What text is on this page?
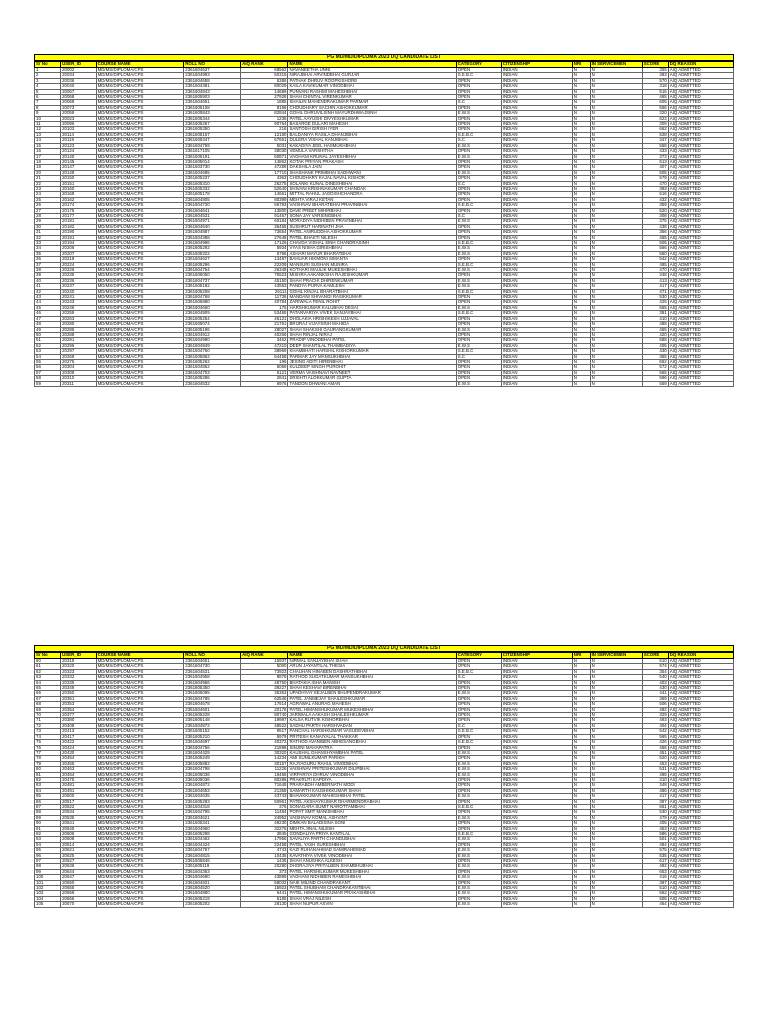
PG MD/MD/DIPLOMA 2023 DQ CANDIDATE LIST
Sr No	USER_ID	COURSE NAME	ROLL NO	AIQ RANK	NAME	CATEGORY	CITIZENSHIP	NRI	IN SERVICEMEN	SCORE	DQ REASON
1	20002	MD/MS/DIPLOMA/CPS	2361604637	68562	NAVANEETHA UNNI	OPEN	INDIAN	N	N	355	AIQ ADMITTED
2	20034	MD/MS/DIPLOMA/CPS	2361604993	50315	NIRAJBHAI ARVINDBHAI GURJAR	S.E.B.C	INDIAN	N	N	383	AIQ ADMITTED
3	20036	MD/MS/DIPLOMA/CPS	2361604658	5386	PATHAK DHRUV ROOPKISHORE	OPEN	INDIAN	N	N	570	AIQ ADMITTED
4	20040	MD/MS/DIPLOMA/CPS	2361604381	80029	KAILA KAVIKUMAR VINODBHAI	OPEN	INDIAN	N	N	318	AIQ ADMITTED
5	20067	MD/MS/DIPLOMA/CPS	2361604943	14689	PUNVANI RASHMI MAHESHBHAI	OPEN	INDIAN	N	N	516	AIQ ADMITTED
6	20068	MD/MS/DIPLOMA/CPS	2361605903	27928	SHAH CHINTAL VIRENKUMAR	OPEN	INDIAN	N	N	465	AIQ ADMITTED
7	20069	MD/MS/DIPLOMA/CPS	2361604651	1885	SHAILIN MAHENDRAKUMAR PARMAR	S.C	INDIAN	N	N	605	AIQ ADMITTED
8	20073	MD/MS/DIPLOMA/CPS	2361605108	8196	CHOUDHARY SACHIN ASHOKKUMAR	OPEN	INDIAN	N	N	556	AIQ ADMITTED
9	20059	MD/MS/DIPLOMA/CPS	2361605843	82844	GOHIL DHRUVILSINH MAYURDHWAJSINH	E.W.S	INDIAN	N	N	320	AIQ ADMITTED
10	20023	MD/MS/DIPLOMA/CPS	2361605344	1236	PATEL AAYUSHI DIVYESHKUMAR	OPEN	INDIAN	N	N	623	AIQ ADMITTED
11	20096	MD/MS/DIPLOMA/CPS	2361605267	90764	BASARGE DULARI MAHESH	OPEN	INDIAN	N	N	309	AIQ ADMITTED
12	20103	MD/MS/DIPLOMA/CPS	2361605350	216	SANTOSH GIRISH IYER	OPEN	INDIAN	N	N	662	AIQ ADMITTED
13	20114	MD/MS/DIPLOMA/CPS	2361605167	12180	BALDANIYA RASILA DHANJIBHAI	S.E.B.C	INDIAN	N	N	528	AIQ ADMITTED
14	20119	MD/MS/DIPLOMA/CPS	2361605347	67661	DULERA VISHAL KANJIBHAI	S.C	INDIAN	N	N	347	AIQ ADMITTED
15	20123	MD/MS/DIPLOMA/CPS	2361604769	5031	KAKADIYA JEEL HASMUKHBHAI	E.W.S	INDIAN	N	N	568	AIQ ADMITTED
16	20124	MD/MS/DIPLOMA/CPS	2361617105	38030	VEMULA VARSHITHA	OPEN	INDIAN	N	N	433	AIQ ADMITTED
17	20140	MD/MS/DIPLOMA/CPS	2361605191	60871	VAGHANI KRUNAL JAYESHBHAI	E.W.S	INDIAN	N	N	373	AIQ ADMITTED
18	20145	MD/MS/DIPLOMA/CPS	2361605014	14862	KOTAK PRIYAN PRAKASH	OPEN	INDIAN	N	N	513	AIQ ADMITTED
19	20147	MD/MS/DIPLOMA/CPS	2361603730	47289	DAKSHILA JAIN	OPEN	INDIAN	N	N	407	AIQ ADMITTED
20	20148	MD/MS/DIPLOMA/CPS	2361604685	17710	SHASHANK PRIMBHAI SADHWANI	E.W.S	INDIAN	N	N	505	AIQ ADMITTED
21	20150	MD/MS/DIPLOMA/CPS	2361605237	4363	CHOUDHARY KAJAL NAVAL KISHOR	OPEN	INDIAN	N	N	579	AIQ ADMITTED
22	20151	MD/MS/DIPLOMA/CPS	2361605310	26275	SOLANKI KUNAL DINESHBHAI	S.C	INDIAN	N	N	470	AIQ ADMITTED
23	20160	MD/MS/DIPLOMA/CPS	2361605332	52640	SHIVANI KRISHNAKUMAR CHANDAK	OPEN	INDIAN	N	N	393	AIQ ADMITTED
24	20169	MD/MS/DIPLOMA/CPS	2361605178	14661	MITTAL RAHUL JAGDISHCHANDRA	OPEN	INDIAN	N	N	516	AIQ ADMITTED
25	20162	MD/MS/DIPLOMA/CPS	2361604805	80399	MEHTA VIRAJ KETAN	OPEN	INDIAN	N	N	432	AIQ ADMITTED
26	20174	MD/MS/DIPLOMA/CPS	2361604730	66793	VAISHNAV BHARATBHAI PRAVINBHAI	S.E.B.C	INDIAN	N	N	359	AIQ ADMITTED
27	20175	MD/MS/DIPLOMA/CPS	2361604641	13800	DAVE PREET MIHIRBHAI	OPEN	INDIAN	N	N	520	AIQ ADMITTED
28	20177	MD/MS/DIPLOMA/CPS	2361604531	91467	SONA JAY VARSINGBHAI	S.C	INDIAN	N	N	308	AIQ ADMITTED
29	20181	MD/MS/DIPLOMA/CPS	2361604971	60184	MORADIYA NIDHIBEN PRAVINBHAI	E.W.S	INDIAN	N	N	375	AIQ ADMITTED
30	20182	MD/MS/DIPLOMA/CPS	2361604640	36455	SUSHRUT HARINATH JHA	OPEN	INDIAN	N	N	438	AIQ ADMITTED
31	20190	MD/MS/DIPLOMA/CPS	2361604887	73654	PATEL ANIRUDDHA ASHOKKUMAR	OPEN	INDIAN	N	N	356	AIQ ADMITTED
32	20191	MD/MS/DIPLOMA/CPS	2361604388	27648	PATEL BHAKTI NILESH	OPEN	INDIAN	N	N	465	AIQ ADMITTED
33	20194	MD/MS/DIPLOMA/CPS	2361604996	17126	CHAVDA VISHAL SINH CHANDRASINH	S.E.B.C	INDIAN	N	N	505	AIQ ADMITTED
34	20206	MD/MS/DIPLOMA/CPS	2361605292	5934	VYAS NISHA GIRISHBHAI	E.W.S	INDIAN	N	N	566	AIQ ADMITTED
35	20207	MD/MS/DIPLOMA/CPS	2361605322	6796	ASHARI MAYUR BHARATBHAI	E.W.S	INDIAN	N	N	560	AIQ ADMITTED
36	20218	MD/MS/DIPLOMA/CPS	2361604627	13487	BAHUAR HIKMONI SIMANTA	OPEN	INDIAN	N	N	542	AIQ ADMITTED
37	20224	MD/MS/DIPLOMA/CPS	2361605296	22209	MANSURI SUSHAN MUNIRA	S.E.B.C	INDIAN	N	N	485	AIQ ADMITTED
38	20226	MD/MS/DIPLOMA/CPS	2361604754	26348	KOTHARI MAULIK MUKESHBHAI	E.W.S	INDIAN	N	N	470	AIQ ADMITTED
39	20235	MD/MS/DIPLOMA/CPS	2361605050	75523	MISHRA AAKANKSHA RAJESHKUMAR	OPEN	INDIAN	N	N	348	AIQ ADMITTED
40	20236	MD/MS/DIPLOMA/CPS	2361604737	45150	SHAH PRACHI DHIRENKUMAR	E.W.S	INDIAN	N	N	413	AIQ ADMITTED
41	20237	MD/MS/DIPLOMA/CPS	2361605182	43553	PANDYA PURVA KAMLESH	E.W.S	INDIAN	N	N	417	AIQ ADMITTED
42	20240	MD/MS/DIPLOMA/CPS	2361605208	26111	GOHIL KINJAL BHARATBHAI	S.E.B.C	INDIAN	N	N	471	AIQ ADMITTED
43	20241	MD/MS/DIPLOMA/CPS	2361604768	11736	MANDANI SHIVANGI RASIKKUMAR	OPEN	INDIAN	N	N	530	AIQ ADMITTED
44	20243	MD/MS/DIPLOMA/CPS	2361605880	40784	ZARIWALA FENIL ROHIT	OPEN	INDIAN	N	N	425	AIQ ADMITTED
45	20246	MD/MS/DIPLOMA/CPS	2361604660	175	HARSHKUMAR KALUBHAI DESAI	E.W.S	INDIAN	N	N	665	AIQ ADMITTED
46	20259	MD/MS/DIPLOMA/CPS	2361604909	53465	PATANVARIYA VIVEK SANJAYBHAI	S.E.B.C	INDIAN	N	N	391	AIQ ADMITTED
47	20263	MD/MS/DIPLOMA/CPS	2361605254	46121	DHOLAKIA HRISHIKESH UJJAVAL	OPEN	INDIAN	N	N	410	AIQ ADMITTED
48	20280	MD/MS/DIPLOMA/CPS	2361605074	21761	BRIJRAJ VIJAYSINH MAHIDA	OPEN	INDIAN	N	N	488	AIQ ADMITTED
49	20285	MD/MS/DIPLOMA/CPS	2361605196	28027	SHAH SHAKSHI GAURANGKUMAR	E.W.S	INDIAN	N	N	465	AIQ ADMITTED
50	20288	MD/MS/DIPLOMA/CPS	2361604912	40266	SHAH RINJAL NIRAJ	OPEN	INDIAN	N	N	420	AIQ ADMITTED
51	20291	MD/MS/DIPLOMA/CPS	2361604990	3462	PRADIP VINODBHAI PATEL	OPEN	INDIAN	N	N	588	AIQ ADMITTED
52	20296	MD/MS/DIPLOMA/CPS	2361604949	47210	DEEP SHANTILAL THAMBADIYA	E.W.S	INDIAN	N	N	405	AIQ ADMITTED
53	20297	MD/MS/DIPLOMA/CPS	2361604760	38969	KHAMBHATI HARSHIL KISHORKUMAR	S.E.B.C	INDIAN	N	N	430	AIQ ADMITTED
54	20269	MD/MS/DIPLOMA/CPS	2361605862	64458	PARMAR JAY MANSUKHBHAI	S.C	INDIAN	N	N	365	AIQ ADMITTED
55	20275	MD/MS/DIPLOMA/CPS	2361605262	196	JESING ADITI HIRENBHAI	OPEN	INDIAN	N	N	662	AIQ ADMITTED
56	20304	MD/MS/DIPLOMA/CPS	2361604852	5059	KULDEEP SINGH PUROHIT	OPEN	INDIAN	N	N	572	AIQ ADMITTED
57	20308	MD/MS/DIPLOMA/CPS	2361604703	6121	VERMA VAISHNAVI NAVNEET	OPEN	INDIAN	N	N	565	AIQ ADMITTED
58	20310	MD/MS/DIPLOMA/CPS	2361605286	2841	SRISHTI ALOKKUMAR GUPTA	OPEN	INDIAN	N	N	596	AIQ ADMITTED
59	20311	MD/MS/DIPLOMA/CPS	2361604532	6976	TANDON DHWANI AMAN	E.W.S	INDIAN	N	N	559	AIQ ADMITTED
PG MD/MD/DIPLOMA 2023 DQ CANDIDATE LIST
Sr No	USER_ID	COURSE NAME	ROLL NO	AIQ RANK	NAME	CATEGORY	CITIZENSHIP	NRI	IN SERVICEMEN	SCORE	DQ REASON
60	20318	MD/MS/DIPLOMA/CPS	2361604651	15937	NIRMAL SANJAYBHAI SHAH	OPEN	INDIAN	N	N	510	AIQ ADMITTED
61	20320	MD/MS/DIPLOMA/CPS	2361604730	5000	ARUN JAYANTILAL THESIA	OPEN	INDIAN	N	N	574	AIQ ADMITTED
62	20323	MD/MS/DIPLOMA/CPS	2361604531	73923	CHAUHAN HINABEN DASHRATHBHAI	S.E.B.C	INDIAN	N	N	354	AIQ ADMITTED
63	20332	MD/MS/DIPLOMA/CPS	2361604958	9879	RATHOD SUGATKUMAR MANSUKHBHAI	S.C	INDIAN	N	N	540	AIQ ADMITTED
64	20335	MD/MS/DIPLOMA/CPS	2361604966	48750	BHATAKIA ISHA MANISH	OPEN	INDIAN	N	N	403	AIQ ADMITTED
65	20349	MD/MS/DIPLOMA/CPS	2361605350	39227	SHAH KESHAVI BIRENBHAI	OPEN	INDIAN	N	N	430	AIQ ADMITTED
66	20350	MD/MS/DIPLOMA/CPS	2361605095	35363	UPADHYAY SEJALBEN BHUPENDRAKUMAR	E.W.S	INDIAN	N	N	441	AIQ ADMITTED
67	20351	MD/MS/DIPLOMA/CPS	2361604785	62546	PATEL JANMEJAY SHAILESHKUMAR	OPEN	INDIAN	N	N	369	AIQ ADMITTED
68	20353	MD/MS/DIPLOMA/CPS	2361604678	17614	AGRAWAL ANURAG MAHESH	OPEN	INDIAN	N	N	506	AIQ ADMITTED
69	20354	MD/MS/DIPLOMA/CPS	2361604601	20178	PATEL HIMANSHUKUMAR MUKESHBHAI	OPEN	INDIAN	N	N	482	AIQ ADMITTED
70	20377	MD/MS/DIPLOMA/CPS	2361605228	80740	JARIWALA AAKASH SHAILESHKUMAR	OPEN	INDIAN	N	N	329	AIQ ADMITTED
71	20380	MD/MS/DIPLOMA/CPS	2361605148	19987	KALSA RUTVIK KISHORBHAI	OPEN	INDIAN	N	N	493	AIQ ADMITTED
72	20408	MD/MS/DIPLOMA/CPS	2361604872	48522	SADHU PARTH HARSHVADAN	S.C	INDIAN	N	N	404	AIQ ADMITTED
73	20413	MD/MS/DIPLOMA/CPS	2361605152	9517	PANCHAL HARSHKUMAR VASUDEVBHAI	S.E.B.C	INDIAN	N	N	542	AIQ ADMITTED
74	20417	MD/MS/DIPLOMA/CPS	2361605210	5979	PRITESH KANAIYALAL THAKKAR	OPEN	INDIAN	N	N	565	AIQ ADMITTED
75	20422	MD/MS/DIPLOMA/CPS	2361604697	40372	RATHOD AVANIBEN ABHESANGBHAI	S.E.B.C	INDIAN	N	N	426	AIQ ADMITTED
76	20424	MD/MS/DIPLOMA/CPS	2361604756	21898	SINJINI MAHAPATRA	OPEN	INDIAN	N	N	466	AIQ ADMITTED
77	20430	MD/MS/DIPLOMA/CPS	2361604429	30320	KAUSHAL GHANSHYAMBHAI PATEL	E.W.S	INDIAN	N	N	451	AIQ ADMITTED
78	20454	MD/MS/DIPLOMA/CPS	2361605249	14234	AMI SUNILKUMAR PARIKH	OPEN	INDIAN	N	N	520	AIQ ADMITTED
79	20455	MD/MS/DIPLOMA/CPS	2361605882	30157	RAJYAGURU RAHUL VINODBHAI	E.W.S	INDIAN	N	N	453	AIQ ADMITTED
80	20463	MD/MS/DIPLOMA/CPS	2361604798	11226	VAISHNAV PRITESHKUMAR DILIPBHAI	E.W.S	INDIAN	N	N	531	AIQ ADMITTED
81	20464	MD/MS/DIPLOMA/CPS	2361605036	19468	VIRPARIYA DHRUV VINODBHAI	E.W.S	INDIAN	N	N	495	AIQ ADMITTED
82	20475	MD/MS/DIPLOMA/CPS	2361605036	80286	PRAKRUTI KAPDIYA	OPEN	INDIAN	N	N	310	AIQ ADMITTED
83	20481	MD/MS/DIPLOMA/CPS	2361604872	71648	PRARABDH AMBERNATH MODI	OPEN	INDIAN	N	N	348	AIQ ADMITTED
84	20491	MD/MS/DIPLOMA/CPS	2361604653	21358	SAMARTH KAUSHIKKUMAR SHAH	OPEN	INDIAN	N	N	486	AIQ ADMITTED
85	20500	MD/MS/DIPLOMA/CPS	2361604635	43743	BHAVIKKUMAR MAHESHBHAI PATEL	E.W.S	INDIAN	N	N	417	AIQ ADMITTED
86	20517	MD/MS/DIPLOMA/CPS	2361605283	50961	PATEL AKSHAYKUMAR DHARMENDRABHAI	OPEN	INDIAN	N	N	397	AIQ ADMITTED
87	20522	MD/MS/DIPLOMA/CPS	2361604318	376	SONAGARA SUMIT NAROTTAMBHAI	S.E.B.C	INDIAN	N	N	651	AIQ ADMITTED
88	20534	MD/MS/DIPLOMA/CPS	2361604795	11484	POPAT SMIT MANISHBHAI	OPEN	INDIAN	N	N	530	AIQ ADMITTED
89	20535	MD/MS/DIPLOMA/CPS	2361604621	24952	VAISHNAV KOMAL ASHVINT	E.W.S	INDIAN	N	N	479	AIQ ADMITTED
90	20541	MD/MS/DIPLOMA/CPS	2361605341	49230	DIMKAN BALADISINA SONI	OPEN	INDIAN	N	N	405	AIQ ADMITTED
91	20545	MD/MS/DIPLOMA/CPS	2361604960	32275	MEHTA JINAL NILESH	OPEN	INDIAN	N	N	453	AIQ ADMITTED
92	20606	MD/MS/DIPLOMA/CPS	2361605298	3845	GONDALIYA PRIYA KANTILAL	S.E.B.C	INDIAN	N	N	586	AIQ ADMITTED
93	20608	MD/MS/DIPLOMA/CPS	2361604462	17956	SAVALIYA PARTH CHANDUBHAI	E.W.S	INDIAN	N	N	501	AIQ ADMITTED
94	20614	MD/MS/DIPLOMA/CPS	2361604424	22458	PATEL YASH SURESHBHAI	OPEN	INDIAN	N	N	484	AIQ ADMITTED
95	20621	MD/MS/DIPLOMA/CPS	2361604757	4743	KAZI RUHANAHMAD SAMIRAHEMAD	E.W.S	INDIAN	N	N	575	AIQ ADMITTED
96	20625	MD/MS/DIPLOMA/CPS	2361604815	10435	KAVATHIYA VIVEK VINODBHAI	E.W.S	INDIAN	N	N	535	AIQ ADMITTED
97	20627	MD/MS/DIPLOMA/CPS	2361605846	1435	SHAH ANUSHKA ALKESH	OPEN	INDIAN	N	N	617	AIQ ADMITTED
98	20636	MD/MS/DIPLOMA/CPS	2361605119	20280	DHORAJIYA PRITALBEN SHAMBHUBHAI	E.W.S	INDIAN	N	N	492	AIQ ADMITTED
99	20644	MD/MS/DIPLOMA/CPS	2361604363	373	PATEL HARSHILKUMAR MUKESHBHAI	OPEN	INDIAN	N	N	653	AIQ ADMITTED
100	20647	MD/MS/DIPLOMA/CPS	2361604690	43899	VAGHANI NIDHIBEN RAMESHBHAI	E.W.S	INDIAN	N	N	416	AIQ ADMITTED
101	20650	MD/MS/DIPLOMA/CPS	2361604831	58032	NAIK MILIND CHANDRAKANT	OPEN	INDIAN	N	N	387	AIQ ADMITTED
102	20655	MD/MS/DIPLOMA/CPS	2361604520	15923	PATEL SHUBHAM CHANDRAKANTBHAI	E.W.S	INDIAN	N	N	510	AIQ ADMITTED
103	20659	MD/MS/DIPLOMA/CPS	2361604880	6441	PATEL HIMANSHUKUMAR PRAKASHBHAI	E.W.S	INDIAN	N	N	562	AIQ ADMITTED
104	20666	MD/MS/DIPLOMA/CPS	2361605219	5185	SHAH VRAJ NILESH	OPEN	INDIAN	N	N	505	AIQ ADMITTED
105	20670	MD/MS/DIPLOMA/CPS	2361605202	28130	SHAH NUPUR ASVIN	E.W.S	INDIAN	N	N	464	AIQ ADMITTED
